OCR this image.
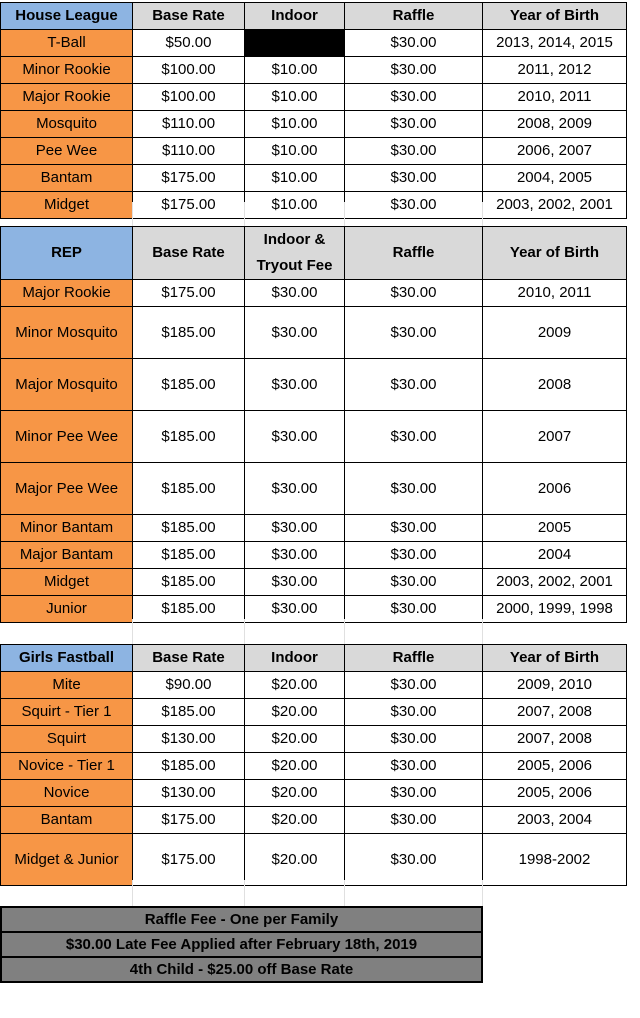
House League	Base Rate	Indoor	Raffle	Year of Birth
T-Ball	$50.00		$30.00	2013, 2014, 2015
Minor Rookie	$100.00	$10.00	$30.00	2011, 2012
Major Rookie	$100.00	$10.00	$30.00	2010, 2011
Mosquito	$110.00	$10.00	$30.00	2008, 2009
Pee Wee	$110.00	$10.00	$30.00	2006, 2007
Bantam	$175.00	$10.00	$30.00	2004, 2005
Midget	$175.00	$10.00	$30.00	2003, 2002, 2001
REP	Base Rate	Indoor & Tryout Fee	Raffle	Year of Birth
Major Rookie	$175.00	$30.00	$30.00	2010, 2011
Minor Mosquito	$185.00	$30.00	$30.00	2009
Major Mosquito	$185.00	$30.00	$30.00	2008
Minor Pee Wee	$185.00	$30.00	$30.00	2007
Major Pee Wee	$185.00	$30.00	$30.00	2006
Minor Bantam	$185.00	$30.00	$30.00	2005
Major Bantam	$185.00	$30.00	$30.00	2004
Midget	$185.00	$30.00	$30.00	2003, 2002, 2001
Junior	$185.00	$30.00	$30.00	2000, 1999, 1998
Girls Fastball	Base Rate	Indoor	Raffle	Year of Birth
Mite	$90.00	$20.00	$30.00	2009, 2010
Squirt - Tier 1	$185.00	$20.00	$30.00	2007, 2008
Squirt	$130.00	$20.00	$30.00	2007, 2008
Novice - Tier 1	$185.00	$20.00	$30.00	2005, 2006
Novice	$130.00	$20.00	$30.00	2005, 2006
Bantam	$175.00	$20.00	$30.00	2003, 2004
Midget & Junior	$175.00	$20.00	$30.00	1998-2002
Raffle Fee - One per Family
$30.00 Late Fee Applied after February 18th, 2019
4th Child - $25.00 off Base Rate
